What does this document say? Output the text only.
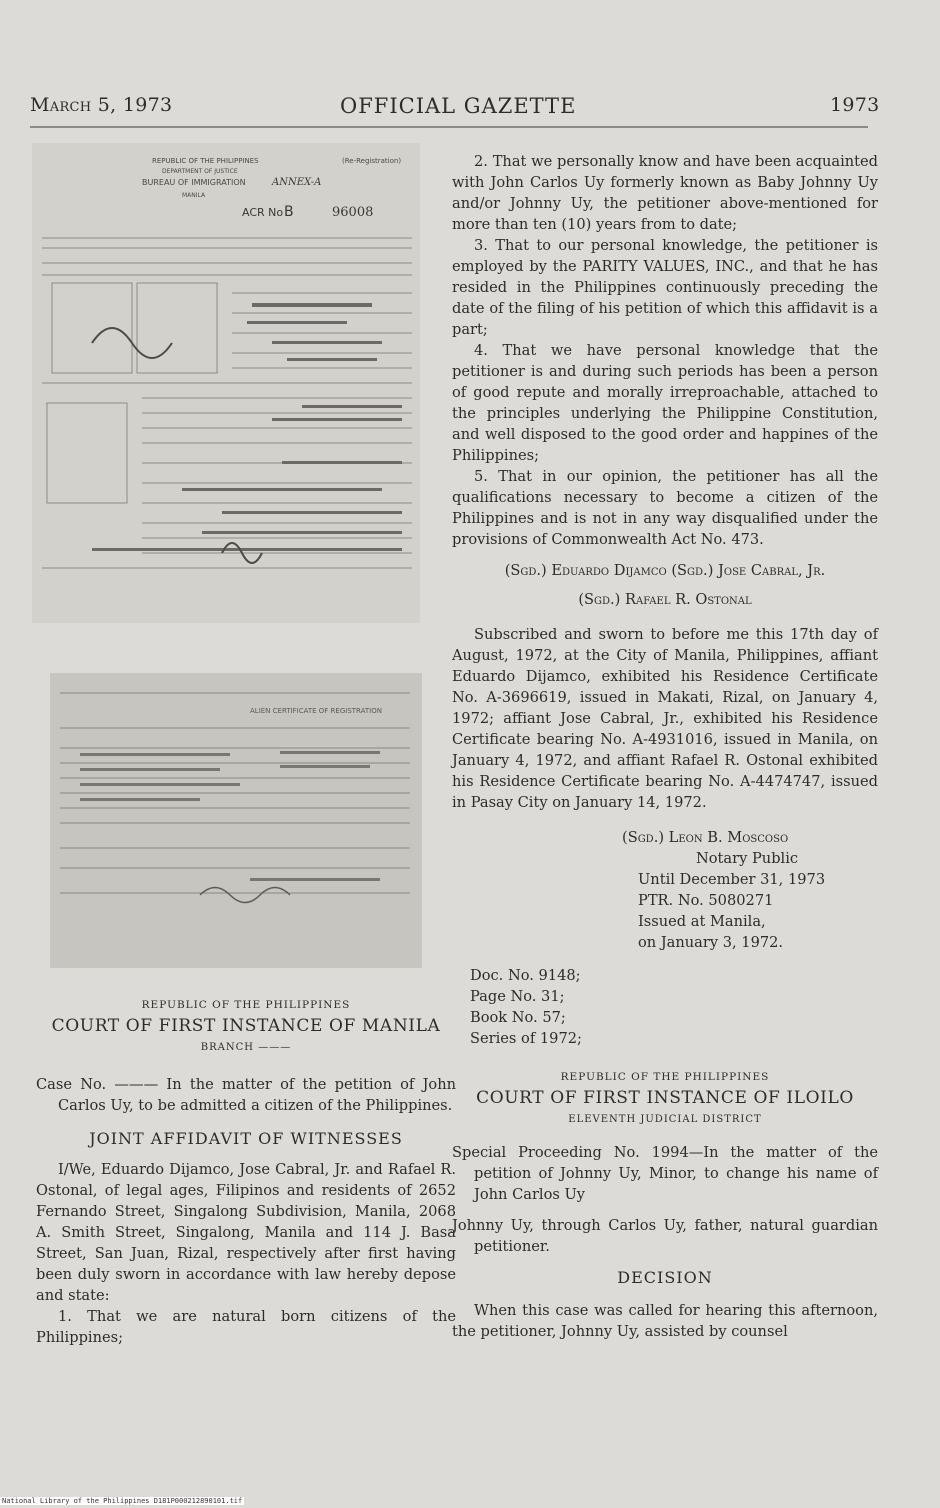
March 5, 1973	OFFICIAL GAZETTE	1973
REPUBLIC OF THE PHILIPPINES	(Re-Registration)
DEPARTMENT OF JUSTICE
BUREAU OF IMMIGRATION	ANNEX-A
MANILA
ACR No B	96008
ALIEN CERTIFICATE OF REGISTRATION
REPUBLIC OF THE PHILIPPINES
COURT OF FIRST INSTANCE OF MANILA
BRANCH ———

Case No. ——— In the matter of the petition of John Carlos Uy, to be admitted a citizen of the Philippines.

JOINT AFFIDAVIT OF WITNESSES

I/We, Eduardo Dijamco, Jose Cabral, Jr. and Rafael R. Ostonal, of legal ages, Filipinos and residents of 2652 Fernando Street, Singalong Subdivision, Manila, 2068 A. Smith Street, Singalong, Manila and 114 J. Basa Street, San Juan, Rizal, respectively after first having been duly sworn in accordance with law hereby depose and state:

1. That we are natural born citizens of the Philippines;

2. That we personally know and have been acquainted with John Carlos Uy formerly known as Baby Johnny Uy and/or Johnny Uy, the petitioner above-mentioned for more than ten (10) years from to date;

3. That to our personal knowledge, the petitioner is employed by the PARITY VALUES, INC., and that he has resided in the Philippines continuously preceding the date of the filing of his petition of which this affidavit is a part;

4. That we have personal knowledge that the petitioner is and during such periods has been a person of good repute and morally irreproachable, attached to the principles underlying the Philippine Constitution, and well disposed to the good order and happines of the Philippines;

5. That in our opinion, the petitioner has all the qualifications necessary to become a citizen of the Philippines and is not in any way disqualified under the provisions of Commonwealth Act No. 473.

(Sgd.) Eduardo Dijamco (Sgd.) Jose Cabral, Jr.

(Sgd.) Rafael R. Ostonal

Subscribed and sworn to before me this 17th day of August, 1972, at the City of Manila, Philippines, affiant Eduardo Dijamco, exhibited his Residence Certificate No. A-3696619, issued in Makati, Rizal, on January 4, 1972; affiant Jose Cabral, Jr., exhibited his Residence Certificate bearing No. A-4931016, issued in Manila, on January 4, 1972, and affiant Rafael R. Ostonal exhibited his Residence Certificate bearing No. A-4474747, issued in Pasay City on January 14, 1972.

(Sgd.) Leon B. Moscoso
Notary Public
Until December 31, 1973
PTR. No. 5080271
Issued at Manila,
on January 3, 1972.
Doc. No. 9148;
Page No. 31;
Book No. 57;
Series of 1972;
REPUBLIC OF THE PHILIPPINES
COURT OF FIRST INSTANCE OF ILOILO
ELEVENTH JUDICIAL DISTRICT

Special Proceeding No. 1994—In the matter of the petition of Johnny Uy, Minor, to change his name of John Carlos Uy

Johnny Uy, through Carlos Uy, father, natural guardian petitioner.

DECISION

When this case was called for hearing this afternoon, the petitioner, Johnny Uy, assisted by counsel

National Library of the Philippines D181P000212890101.tif
